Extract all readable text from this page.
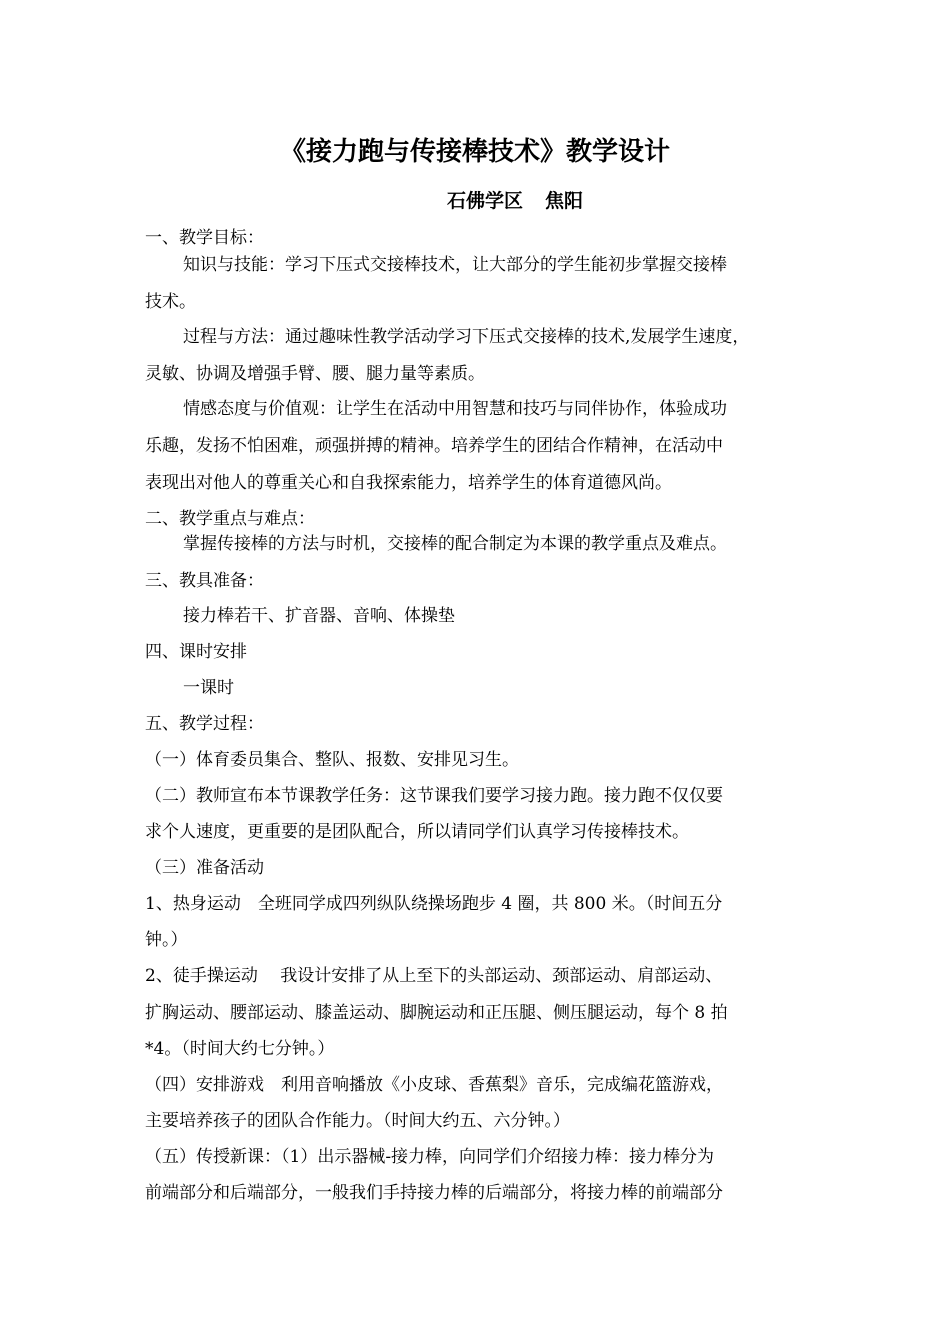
《接力跑与传接棒技术》教学设计
石佛学区 焦阳
一、教学目标：
知识与技能：学习下压式交接棒技术，让大部分的学生能初步掌握交接棒
技术。
过程与方法：通过趣味性教学活动学习下压式交接棒的技术,发展学生速度，
灵敏、协调及增强手臂、腰、腿力量等素质。
情感态度与价值观：让学生在活动中用智慧和技巧与同伴协作，体验成功
乐趣，发扬不怕困难，顽强拼搏的精神。培养学生的团结合作精神，在活动中
表现出对他人的尊重关心和自我探索能力，培养学生的体育道德风尚。
二、教学重点与难点：
掌握传接棒的方法与时机，交接棒的配合制定为本课的教学重点及难点。
三、教具准备：
接力棒若干、扩音器、音响、体操垫
四、课时安排
一课时
五、教学过程：
（一）体育委员集合、整队、报数、安排见习生。
（二）教师宣布本节课教学任务：这节课我们要学习接力跑。接力跑不仅仅要
求个人速度，更重要的是团队配合，所以请同学们认真学习传接棒技术。
（三）准备活动
1、热身运动　全班同学成四列纵队绕操场跑步 4 圈，共 800 米。（时间五分
钟。）
2、徒手操运动　 我设计安排了从上至下的头部运动、颈部运动、肩部运动、
扩胸运动、腰部运动、膝盖运动、脚腕运动和正压腿、侧压腿运动，每个 8 拍
*4。（时间大约七分钟。）
（四）安排游戏　利用音响播放《小皮球、香蕉梨》音乐，完成编花篮游戏，
主要培养孩子的团队合作能力。（时间大约五、六分钟。）
（五）传授新课：（1）出示器械-接力棒，向同学们介绍接力棒：接力棒分为
前端部分和后端部分，一般我们手持接力棒的后端部分，将接力棒的前端部分
